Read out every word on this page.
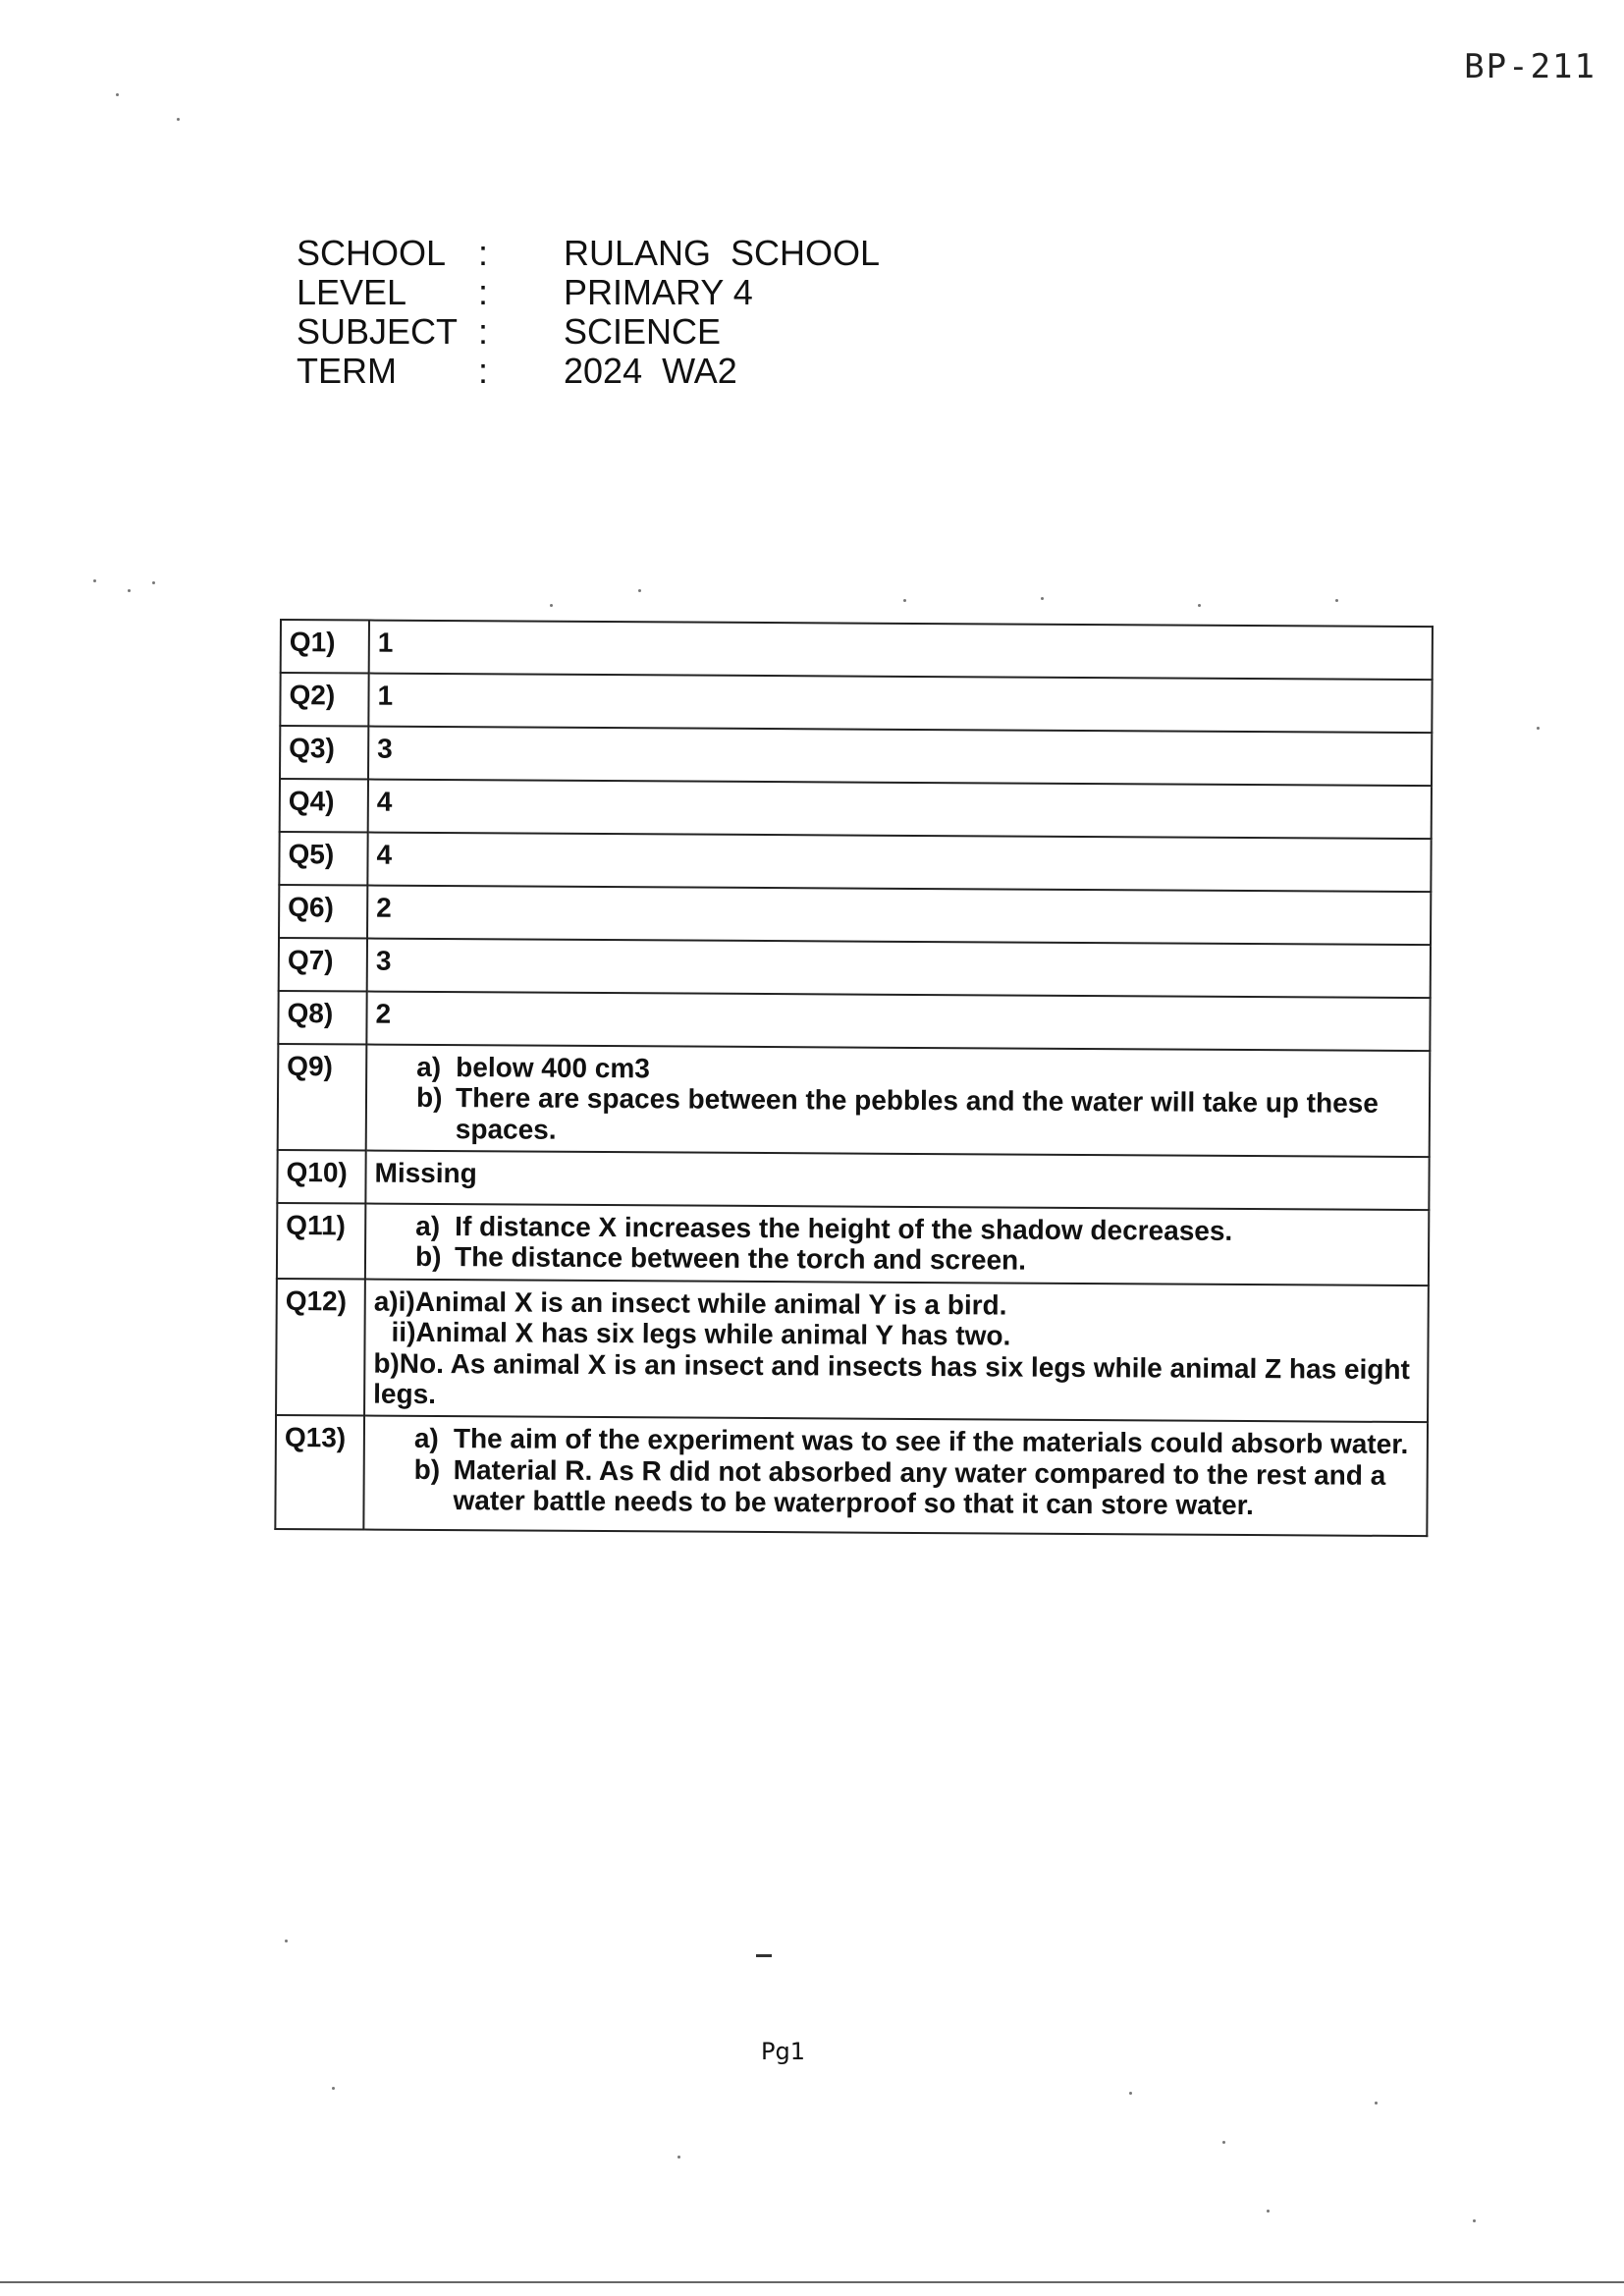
BP-211
SCHOOL :	RULANG  SCHOOL
LEVEL	:	PRIMARY 4
SUBJECT :	SCIENCE
TERM	:	2024  WA2
Q1)	1
Q2)	1
Q3)	3
Q4)	4
Q5)	4
Q6)	2
Q7)	3
Q8)	2
Q9)	a) below 400 cm3
b) There are spaces between the pebbles and the water will take up these spaces.

Q10)	Missing
Q11)	a) If distance X increases the height of the shadow decreases.
b) The distance between the torch and screen.

Q12)	a)i)Animal X is an insect while animal Y is a bird.
ii)Animal X has six legs while animal Y has two.
b)No. As animal X is an insect and insects has six legs while animal Z has eight legs.

Q13)	a) The aim of the experiment was to see if the materials could absorb water.
b) Material R. As R did not absorbed any water compared to the rest and a water battle needs to be waterproof so that it can store water.
Pg1
